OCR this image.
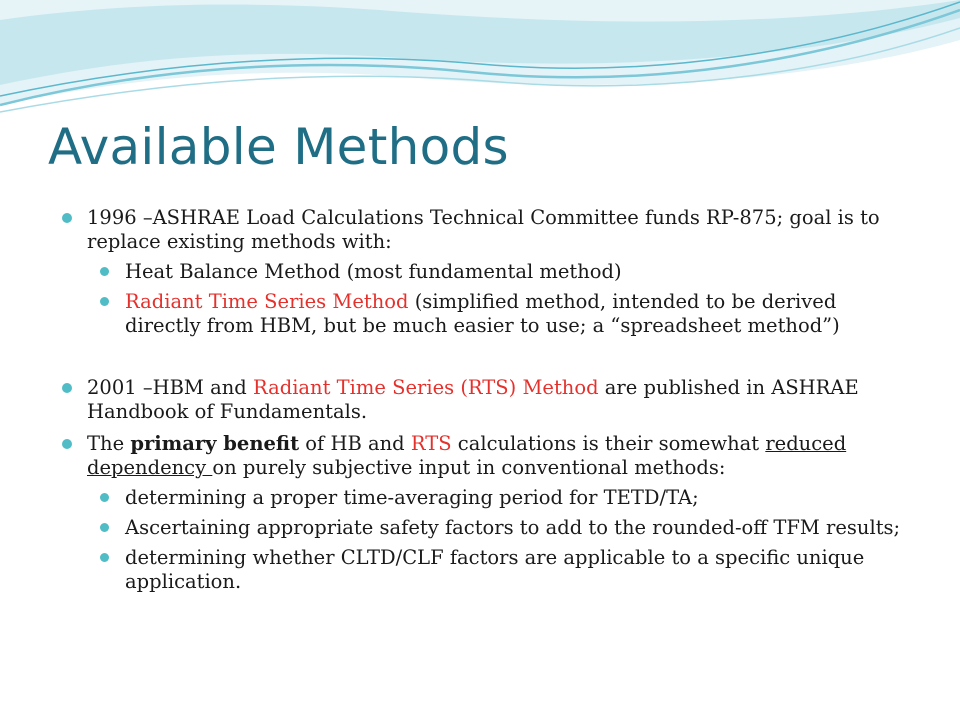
Available Methods
1996 –ASHRAE Load Calculations Technical Committee funds RP-875; goal is to replace existing methods with:
Heat Balance Method (most fundamental method)
Radiant Time Series Method (simplified method, intended to be derived directly from HBM, but be much easier to use; a “spreadsheet method”)
2001 –HBM and Radiant Time Series (RTS) Method are published in ASHRAE Handbook of Fundamentals.
The primary benefit of HB and RTS calculations is their somewhat reduced dependency on purely subjective input in conventional methods:
determining a proper time-averaging period for TETD/TA;
Ascertaining appropriate safety factors to add to the rounded-off TFM results;
determining whether CLTD/CLF factors are applicable to a specific unique application.
